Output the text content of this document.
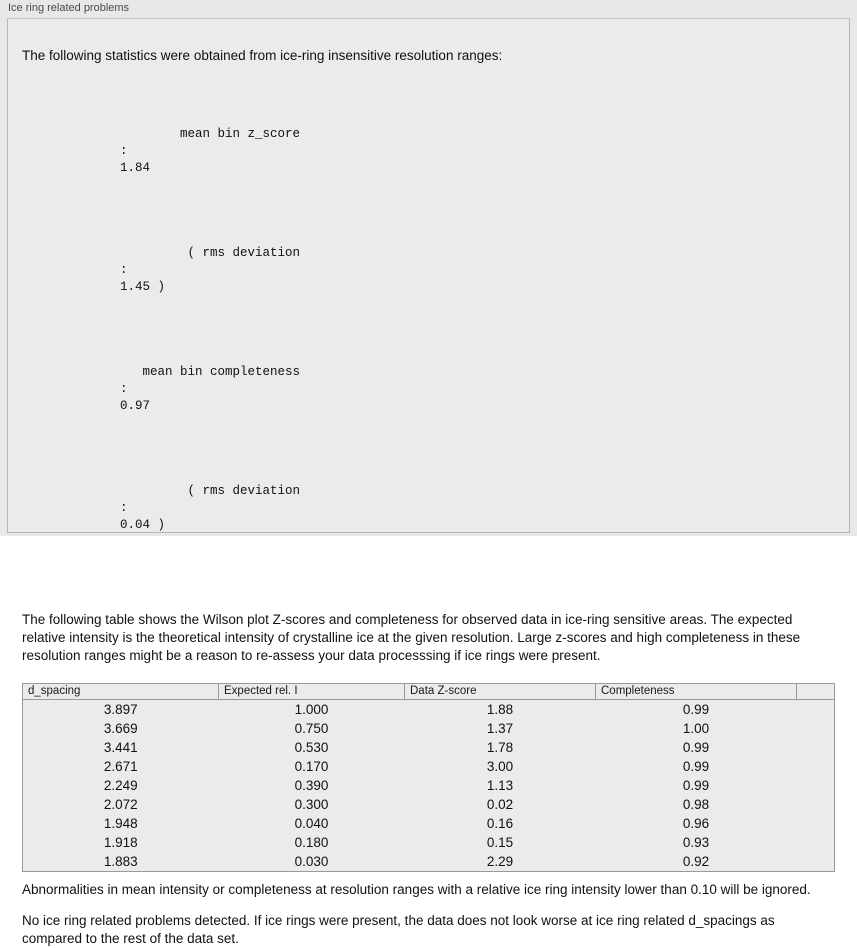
Ice ring related problems
The following statistics were obtained from ice-ring insensitive resolution ranges:

mean bin z_score
:
1.84

( rms deviation
:
1.45 )

mean bin completeness
:
0.97

( rms deviation
:
0.04 )

The following table shows the Wilson plot Z-scores and completeness for observed data in ice-ring sensitive areas. The expected relative intensity is the theoretical intensity of crystalline ice at the given resolution. Large z-scores and high completeness in these resolution ranges might be a reason to re-assess your data processsing if ice rings were present.
d_spacing	Expected rel. I	Data Z-score	Completeness	
3.897	1.000	1.88	0.99	
3.669	0.750	1.37	1.00	
3.441	0.530	1.78	0.99	
2.671	0.170	3.00	0.99	
2.249	0.390	1.13	0.99	
2.072	0.300	0.02	0.98	
1.948	0.040	0.16	0.96	
1.918	0.180	0.15	0.93	
1.883	0.030	2.29	0.92	
Abnormalities in mean intensity or completeness at resolution ranges with a relative ice ring intensity lower than 0.10 will be ignored.
No ice ring related problems detected. If ice rings were present, the data does not look worse at ice ring related d_spacings as compared to the rest of the data set.
